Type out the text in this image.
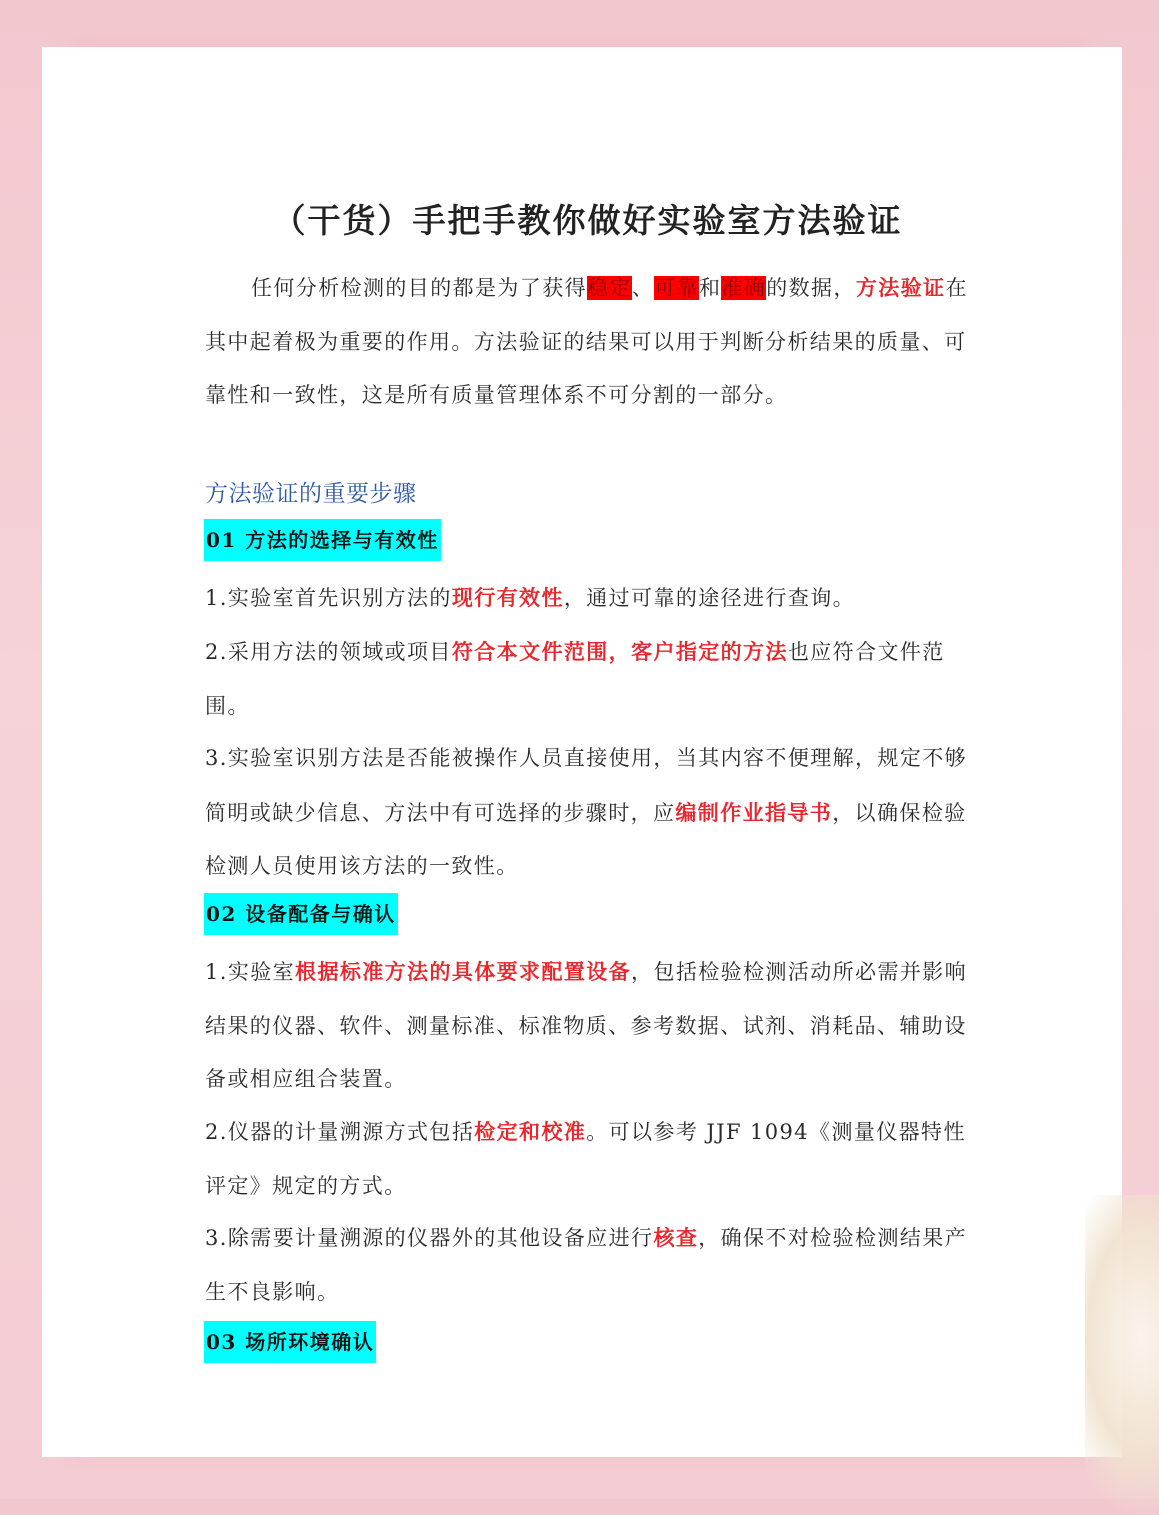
（干货）手把手教你做好实验室方法验证

任何分析检测的目的都是为了获得稳定、可靠和准确的数据，方法验证在其中起着极为重要的作用。方法验证的结果可以用于判断分析结果的质量、可靠性和一致性，这是所有质量管理体系不可分割的一部分。

方法验证的重要步骤
01 方法的选择与有效性

1.实验室首先识别方法的现行有效性，通过可靠的途径进行查询。

2.采用方法的领域或项目符合本文件范围，客户指定的方法也应符合文件范围。

3.实验室识别方法是否能被操作人员直接使用，当其内容不便理解，规定不够简明或缺少信息、方法中有可选择的步骤时，应编制作业指导书，以确保检验检测人员使用该方法的一致性。

02 设备配备与确认

1.实验室根据标准方法的具体要求配置设备，包括检验检测活动所必需并影响结果的仪器、软件、测量标准、标准物质、参考数据、试剂、消耗品、辅助设备或相应组合装置。

2.仪器的计量溯源方式包括检定和校准。可以参考 JJF 1094《测量仪器特性评定》规定的方式。

3.除需要计量溯源的仪器外的其他设备应进行核查，确保不对检验检测结果产生不良影响。

03 场所环境确认
